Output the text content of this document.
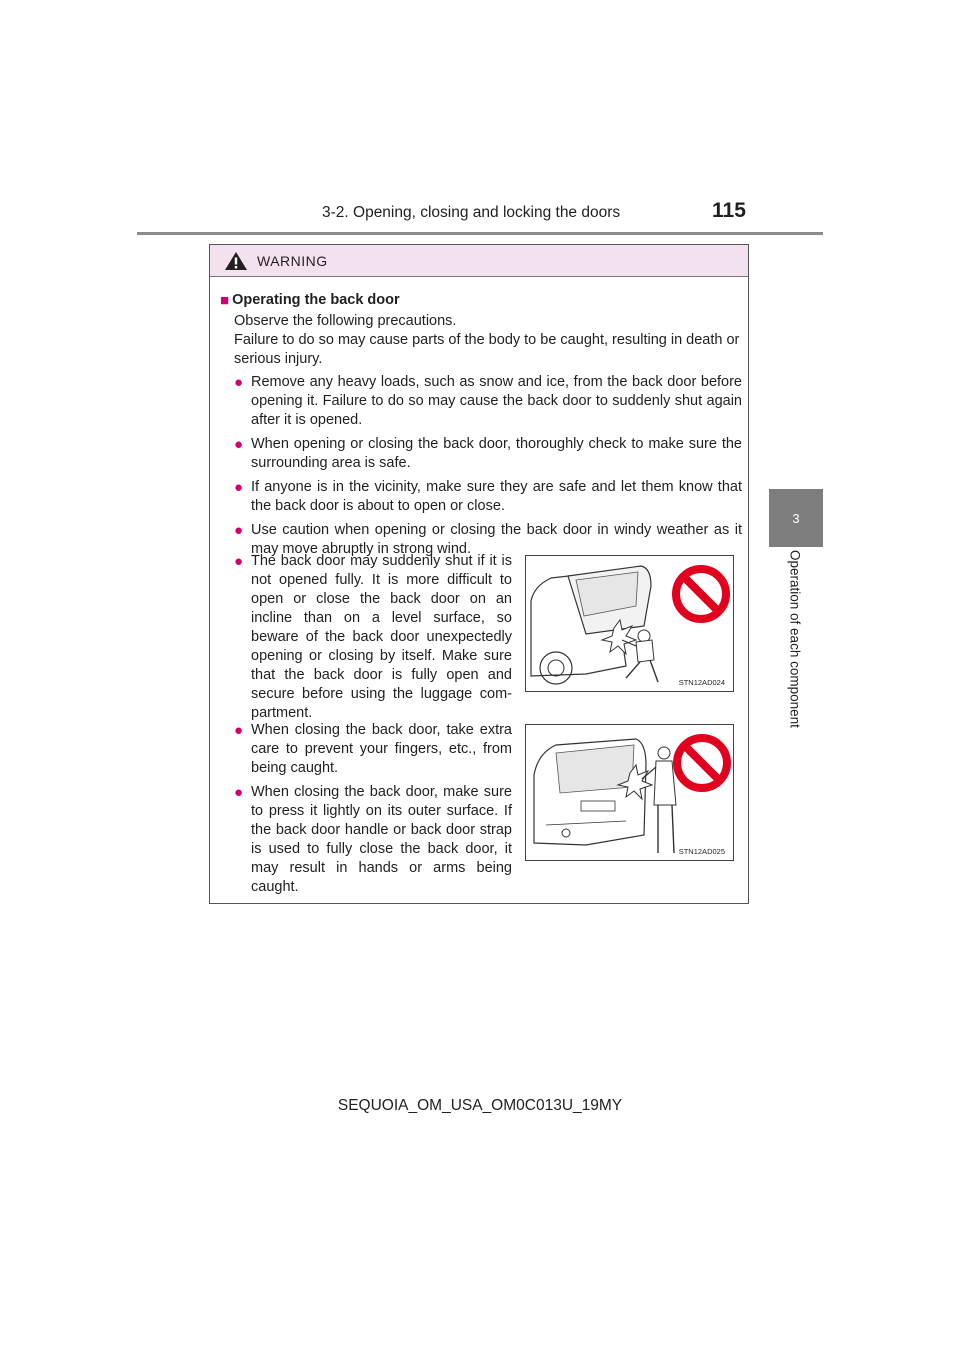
3-2. Opening, closing and locking the doors	115
3
Operation of each component
WARNING
■ Operating the back door
Observe the following precautions.
Failure to do so may cause parts of the body to be caught, resulting in death or serious injury.
● Remove any heavy loads, such as snow and ice, from the back door before opening it. Failure to do so may cause the back door to suddenly shut again after it is opened.
● When opening or closing the back door, thoroughly check to make sure the surrounding area is safe.
● If anyone is in the vicinity, make sure they are safe and let them know that the back door is about to open or close.
● Use caution when opening or closing the back door in windy weather as it may move abruptly in strong wind.
● The back door may suddenly shut if it is not opened fully. It is more difficult to open or close the back door on an incline than on a level surface, so beware of the back door unexpectedly opening or closing by itself. Make sure that the back door is fully open and secure before using the luggage com-partment.
STN12AD024
● When closing the back door, take extra care to prevent your fingers, etc., from being caught.
● When closing the back door, make sure to press it lightly on its outer surface. If the back door handle or back door strap is used to fully close the back door, it may result in hands or arms being caught.
STN12AD025
SEQUOIA_OM_USA_OM0C013U_19MY
